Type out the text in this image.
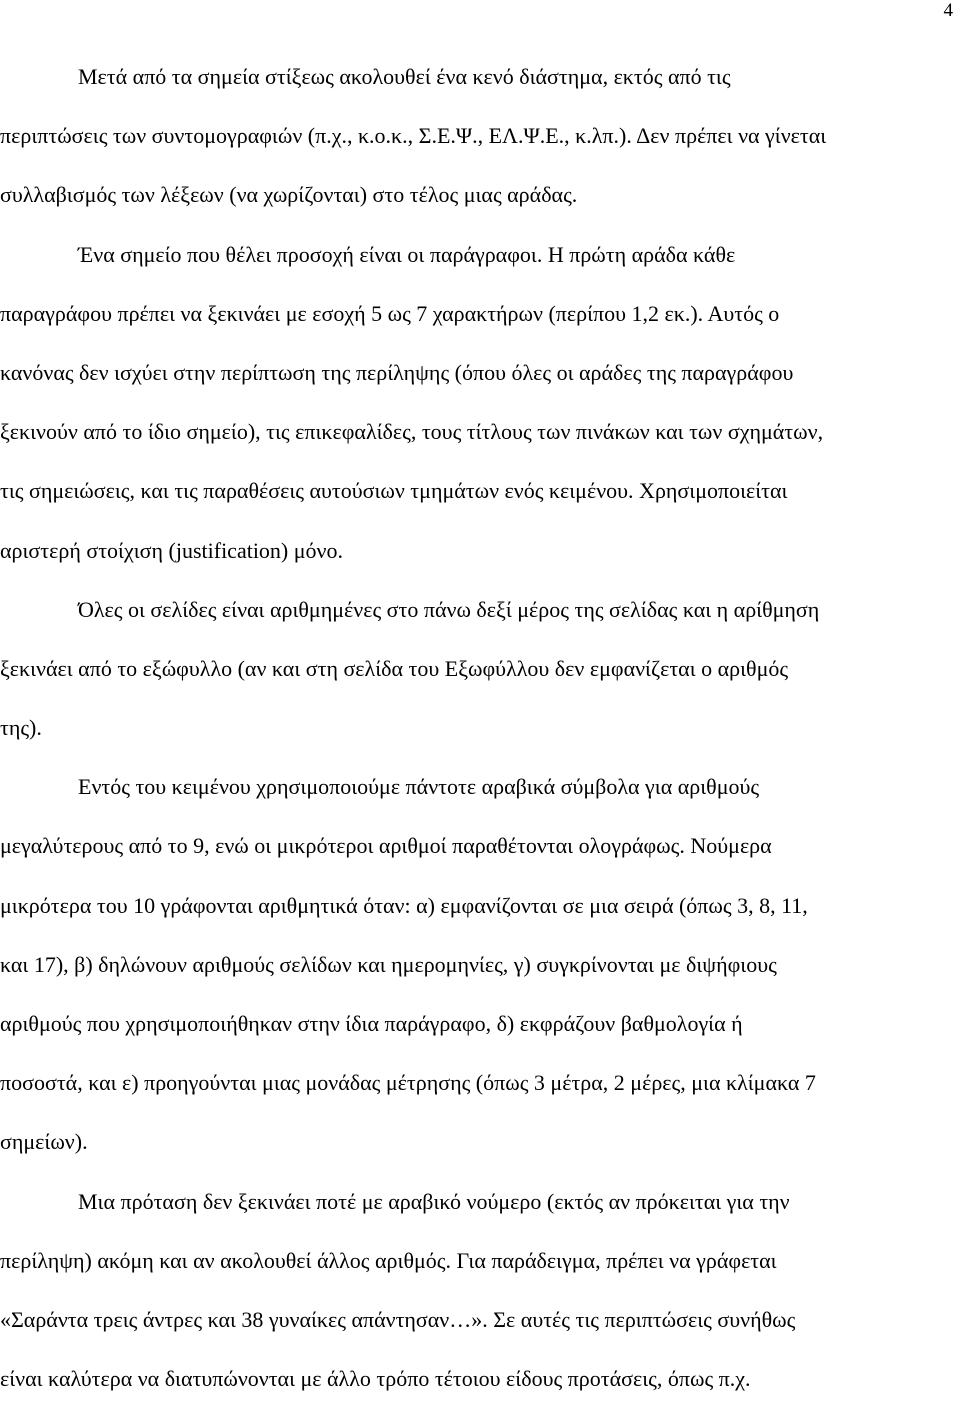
4
Μετά από τα σημεία στίξεως ακολουθεί ένα κενό διάστημα, εκτός από τις
περιπτώσεις των συντομογραφιών (π.χ., κ.ο.κ., Σ.Ε.Ψ., ΕΛ.Ψ.Ε., κ.λπ.). Δεν πρέπει να γίνεται
συλλαβισμός των λέξεων (να χωρίζονται) στο τέλος μιας αράδας.
Ένα σημείο που θέλει προσοχή είναι οι παράγραφοι. Η πρώτη αράδα κάθε
παραγράφου πρέπει να ξεκινάει με εσοχή 5 ως 7 χαρακτήρων (περίπου 1,2 εκ.). Αυτός ο
κανόνας δεν ισχύει στην περίπτωση της περίληψης (όπου όλες οι αράδες της παραγράφου
ξεκινούν από το ίδιο σημείο), τις επικεφαλίδες, τους τίτλους των πινάκων και των σχημάτων,
τις σημειώσεις, και τις παραθέσεις αυτούσιων τμημάτων ενός κειμένου. Χρησιμοποιείται
αριστερή στοίχιση (justification) μόνο.
Όλες οι σελίδες είναι αριθμημένες στο πάνω δεξί μέρος της σελίδας και η αρίθμηση
ξεκινάει από το εξώφυλλο (αν και στη σελίδα του Εξωφύλλου δεν εμφανίζεται ο αριθμός
της).
Εντός του κειμένου χρησιμοποιούμε πάντοτε αραβικά σύμβολα για αριθμούς
μεγαλύτερους από το 9, ενώ οι μικρότεροι αριθμοί παραθέτονται ολογράφως. Νούμερα
μικρότερα του 10 γράφονται αριθμητικά όταν: α) εμφανίζονται σε μια σειρά (όπως 3, 8, 11,
και 17), β) δηλώνουν αριθμούς σελίδων και ημερομηνίες, γ) συγκρίνονται με διψήφιους
αριθμούς που χρησιμοποιήθηκαν στην ίδια παράγραφο, δ) εκφράζουν βαθμολογία ή
ποσοστά, και ε) προηγούνται μιας μονάδας μέτρησης (όπως 3 μέτρα, 2 μέρες, μια κλίμακα 7
σημείων).
Μια πρόταση δεν ξεκινάει ποτέ με αραβικό νούμερο (εκτός αν πρόκειται για την
περίληψη) ακόμη και αν ακολουθεί άλλος αριθμός. Για παράδειγμα, πρέπει να γράφεται
«Σαράντα τρεις άντρες και 38 γυναίκες απάντησαν…». Σε αυτές τις περιπτώσεις συνήθως
είναι καλύτερα να διατυπώνονται με άλλο τρόπο τέτοιου είδους προτάσεις, όπως π.χ.
